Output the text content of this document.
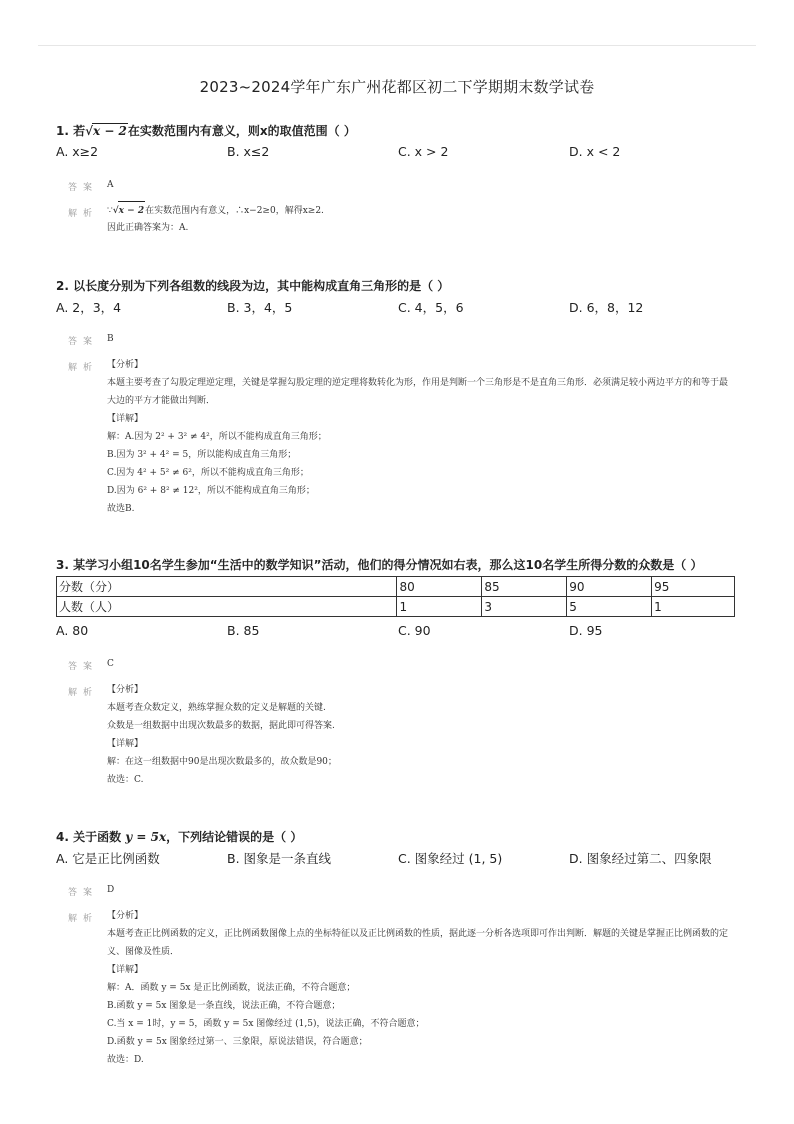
2023~2024学年广东广州花都区初二下学期期末数学试卷
1. 若√x − 2在实数范围内有意义，则x的取值范围（ ）
A. x≥2	B. x≤2	C. x > 2	D. x < 2
答案 A
解析 ∵√x − 2在实数范围内有意义，∴x−2≥0，解得x≥2.
因此正确答案为：A.
2. 以长度分别为下列各组数的线段为边，其中能构成直角三角形的是（ ）
A. 2，3，4	B. 3，4，5	C. 4，5，6	D. 6，8，12
答案 B
解析 【分析】
本题主要考查了勾股定理逆定理，关键是掌握勾股定理的逆定理将数转化为形，作用是判断一个三角形是不是直角三角形．必须满足较小两边平方的和等于最大边的平方才能做出判断．
【详解】
解：A.因为 2² + 3² ≠ 4²，所以不能构成直角三角形；
B.因为 3² + 4² = 5，所以能构成直角三角形；
C.因为 4² + 5² ≠ 6²，所以不能构成直角三角形；
D.因为 6² + 8² ≠ 12²，所以不能构成直角三角形；
故选B.
3. 某学习小组10名学生参加“生活中的数学知识”活动，他们的得分情况如右表，那么这10名学生所得分数的众数是（ ）
分数（分）	80	85	90	95
人数（人）	1	3	5	1
A. 80	B. 85	C. 90	D. 95
答案 C
解析 【分析】
本题考查众数定义，熟练掌握众数的定义是解题的关键.
众数是一组数据中出现次数最多的数据，据此即可得答案.
【详解】
解：在这一组数据中90是出现次数最多的，故众数是90；
故选：C.
4. 关于函数 y = 5x，下列结论错误的是（ ）
A. 它是正比例函数	B. 图象是一条直线	C. 图象经过 (1, 5)	D. 图象经过第二、四象限
答案 D
解析 【分析】
本题考查正比例函数的定义，正比例函数图像上点的坐标特征以及正比例函数的性质，据此逐一分析各选项即可作出判断．解题的关键是掌握正比例函数的定义、图像及性质．
【详解】
解：A．函数 y = 5x 是正比例函数，说法正确，不符合题意；
B.函数 y = 5x 图象是一条直线，说法正确，不符合题意；
C.当 x = 1时，y = 5，函数 y = 5x 图像经过 (1,5)，说法正确，不符合题意；
D.函数 y = 5x 图象经过第一、三象限，原说法错误，符合题意；
故选：D.
